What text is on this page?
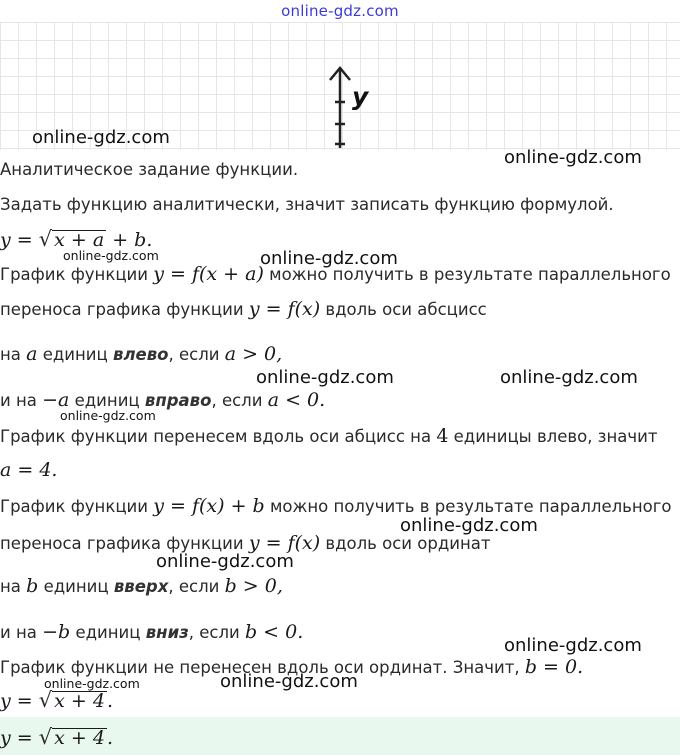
online-gdz.com
y
Аналитическое задание функции.
Задать функцию аналитически, значит записать функцию формулой.
y = √ x + a + b.
График функции y = f(x + a) можно получить в результате параллельного
переноса графика функции y = f(x) вдоль оси абсцисс
на a единиц влево, если a > 0,
и на −a единиц вправо, если a < 0.
График функции перенесем вдоль оси абцисс на 4 единицы влево, значит
a = 4.
График функции y = f(x) + b можно получить в результате параллельного
переноса графика функции y = f(x) вдоль оси ординат
на b единиц вверх, если b > 0,
и на −b единиц вниз, если b < 0.
График функции не перенесен вдоль оси ординат. Значит, b = 0.
y = √ x + 4 .
y = √ x + 4 .
online-gdz.com
online-gdz.com
online-gdz.com
online-gdz.com
online-gdz.com	online-gdz.com
online-gdz.com
online-gdz.com
online-gdz.com
online-gdz.com
online-gdz.com
online-gdz.com
